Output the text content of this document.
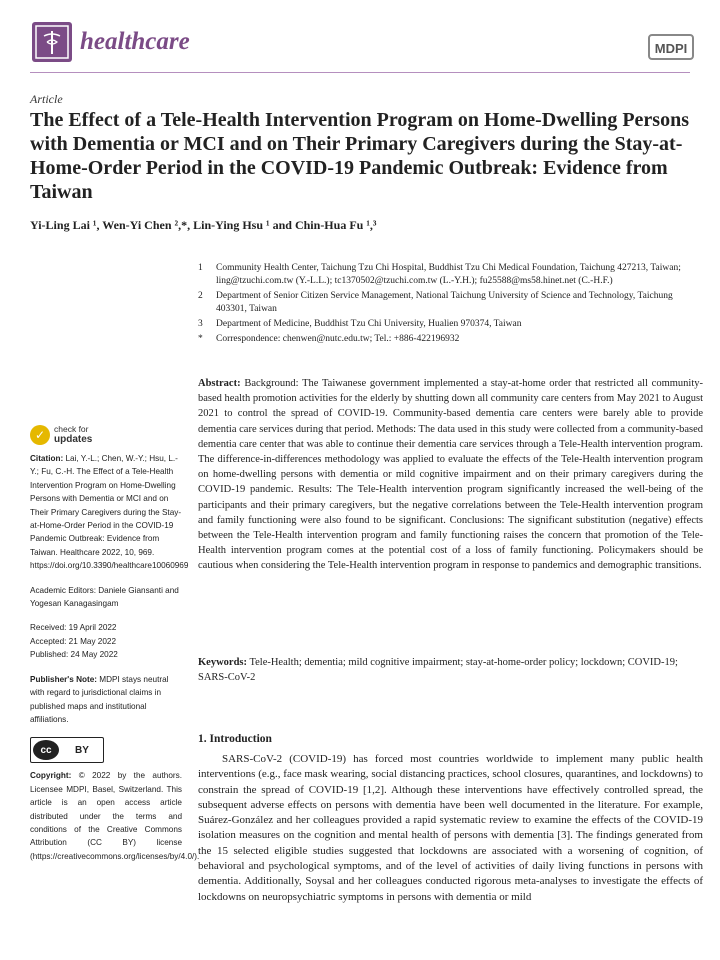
healthcare	MDPI
Article
The Effect of a Tele-Health Intervention Program on Home-Dwelling Persons with Dementia or MCI and on Their Primary Caregivers during the Stay-at-Home-Order Period in the COVID-19 Pandemic Outbreak: Evidence from Taiwan
Yi-Ling Lai ¹, Wen-Yi Chen ²,*, Lin-Ying Hsu ¹ and Chin-Hua Fu ¹,³
1	Community Health Center, Taichung Tzu Chi Hospital, Buddhist Tzu Chi Medical Foundation, Taichung 427213, Taiwan; ling@tzuchi.com.tw (Y.-L.L.); tc1370502@tzuchi.com.tw (L.-Y.H.); fu25588@ms58.hinet.net (C.-H.F.)
2	Department of Senior Citizen Service Management, National Taichung University of Science and Technology, Taichung 403301, Taiwan
3	Department of Medicine, Buddhist Tzu Chi University, Hualien 970374, Taiwan
*	Correspondence: chenwen@nutc.edu.tw; Tel.: +886-422196932
Abstract: Background: The Taiwanese government implemented a stay-at-home order that restricted all community-based health promotion activities for the elderly by shutting down all community care centers from May 2021 to August 2021 to control the spread of COVID-19. Community-based dementia care centers were barely able to provide dementia care services during that period. Methods: The data used in this study were collected from a community-based dementia care center that was able to continue their dementia care services through a Tele-Health intervention program. The difference-in-differences methodology was applied to evaluate the effects of the Tele-Health intervention program on home-dwelling persons with dementia or mild cognitive impairment and on their primary caregivers during the COVID-19 pandemic. Results: The Tele-Health intervention program significantly increased the well-being of the participants and their primary caregivers, but the negative correlations between the Tele-Health intervention program and family functioning were also found to be significant. Conclusions: The significant substitution (negative) effects between the Tele-Health intervention program and family functioning raises the concern that promotion of the Tele-Health intervention program comes at the potential cost of a loss of family functioning. Policymakers should be cautious when considering the Tele-Health intervention program in response to pandemics and demographic transitions.
Keywords: Tele-Health; dementia; mild cognitive impairment; stay-at-home-order policy; lockdown; COVID-19; SARS-CoV-2
1. Introduction
SARS-CoV-2 (COVID-19) has forced most countries worldwide to implement many public health interventions (e.g., face mask wearing, social distancing practices, school closures, quarantines, and lockdowns) to constrain the spread of COVID-19 [1,2]. Although these interventions have effectively controlled spread, the subsequent adverse effects on persons with dementia have been well documented in the literature. For example, Suárez-González and her colleagues provided a rapid systematic review to examine the effects of the COVID-19 isolation measures on the cognition and mental health of persons with dementia [3]. The findings generated from the 15 selected eligible studies suggested that lockdowns are associated with a worsening of cognition, of behavioral and psychological symptoms, and of the level of activities of daily living functions in persons with dementia. Additionally, Soysal and her colleagues conducted rigorous meta-analyses to investigate the effects of lockdowns on neuropsychiatric symptoms in persons with dementia or mild
✓	check for
updates

Citation: Lai, Y.-L.; Chen, W.-Y.; Hsu, L.-Y.; Fu, C.-H. The Effect of a Tele-Health Intervention Program on Home-Dwelling Persons with Dementia or MCI and on Their Primary Caregivers during the Stay-at-Home-Order Period in the COVID-19 Pandemic Outbreak: Evidence from Taiwan. Healthcare 2022, 10, 969. https://doi.org/10.3390/healthcare10060969

Academic Editors: Daniele Giansanti and Yogesan Kanagasingam

Received: 19 April 2022
Accepted: 21 May 2022
Published: 24 May 2022

Publisher's Note: MDPI stays neutral with regard to jurisdictional claims in published maps and institutional affiliations.

cc	BY

Copyright: © 2022 by the authors. Licensee MDPI, Basel, Switzerland. This article is an open access article distributed under the terms and conditions of the Creative Commons Attribution (CC BY) license (https://creativecommons.org/licenses/by/4.0/).
